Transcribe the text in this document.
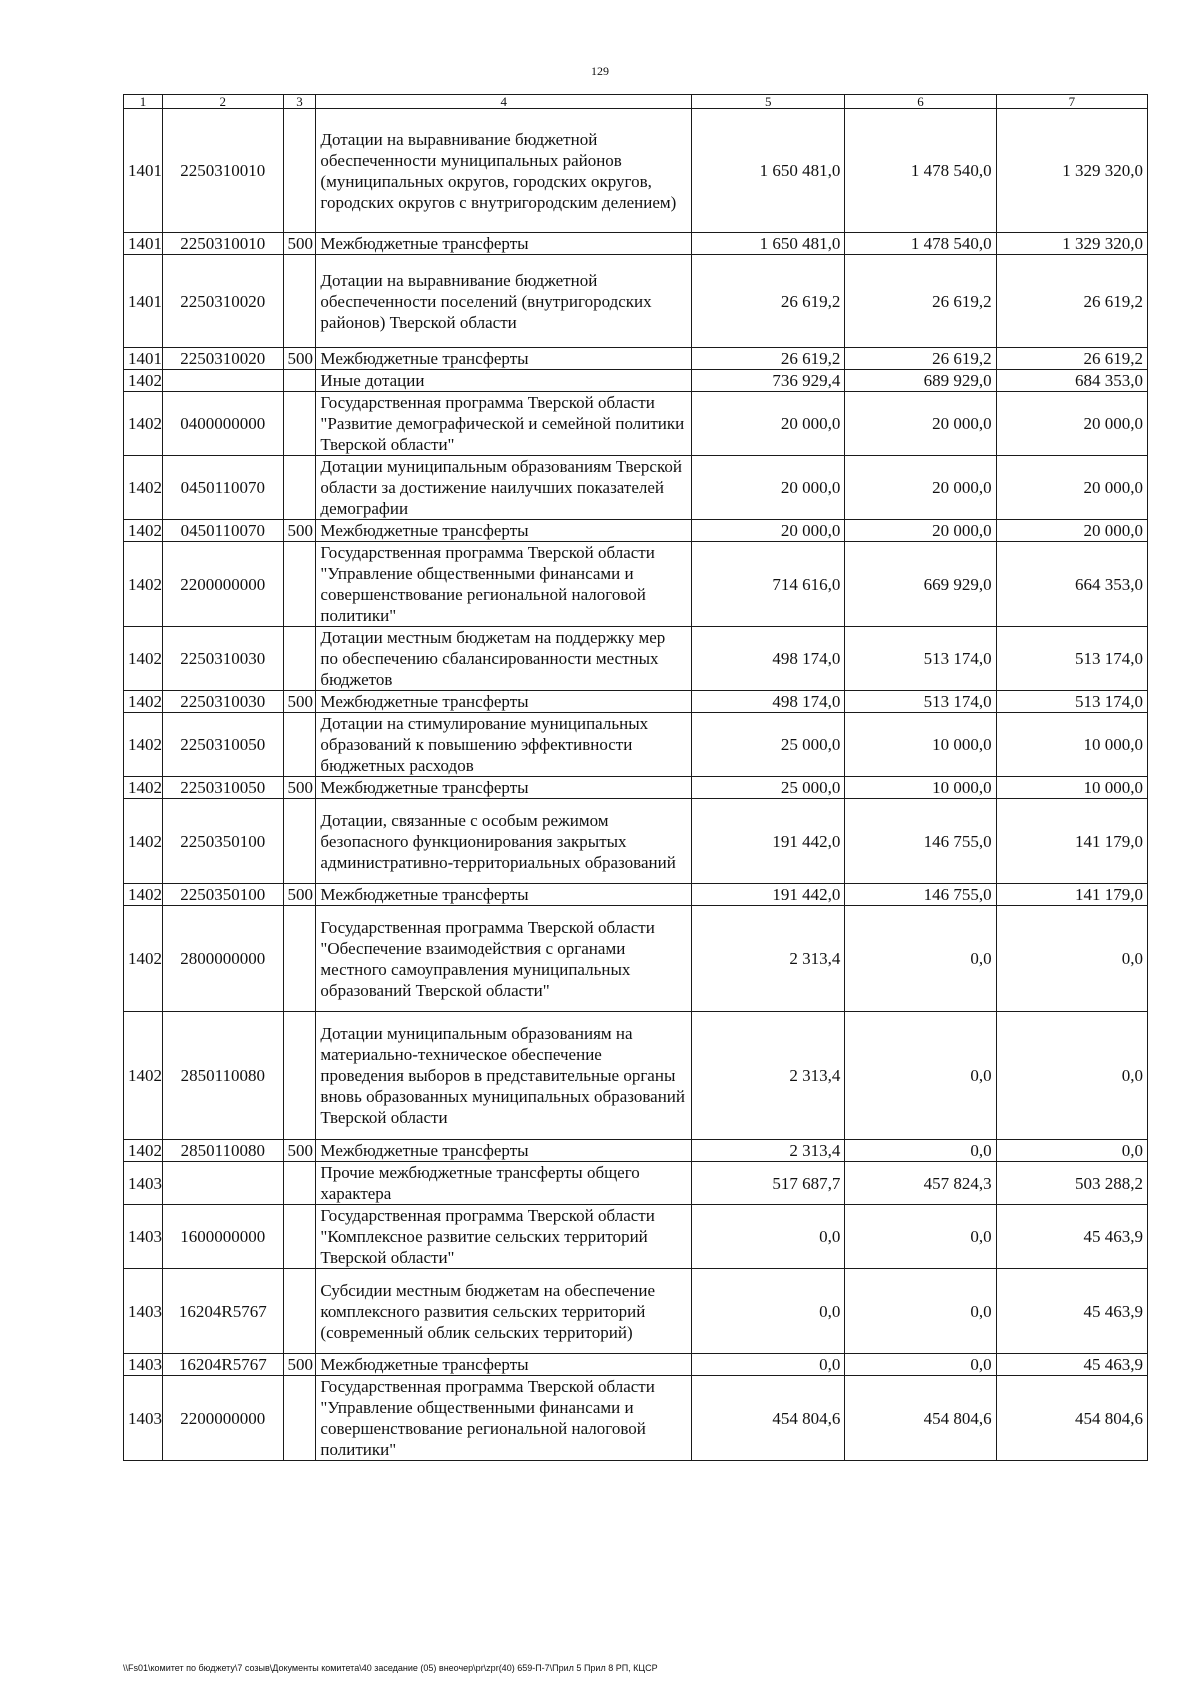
129
1	2	3	4	5	6	7
1401	2250310010		Дотации на выравнивание бюджетной обеспеченности муниципальных районов (муниципальных округов, городских округов, городских округов с внутригородским делением)	1 650 481,0	1 478 540,0	1 329 320,0
1401	2250310010	500	Межбюджетные трансферты	1 650 481,0	1 478 540,0	1 329 320,0
1401	2250310020		Дотации на выравнивание бюджетной обеспеченности поселений (внутригородских районов) Тверской области	26 619,2	26 619,2	26 619,2
1401	2250310020	500	Межбюджетные трансферты	26 619,2	26 619,2	26 619,2
1402			Иные дотации	736 929,4	689 929,0	684 353,0
1402	0400000000		Государственная программа Тверской области "Развитие демографической и семейной политики Тверской области"	20 000,0	20 000,0	20 000,0
1402	0450110070		Дотации муниципальным образованиям Тверской области за достижение наилучших показателей демографии	20 000,0	20 000,0	20 000,0
1402	0450110070	500	Межбюджетные трансферты	20 000,0	20 000,0	20 000,0
1402	2200000000		Государственная программа Тверской области "Управление общественными финансами и совершенствование региональной налоговой политики"	714 616,0	669 929,0	664 353,0
1402	2250310030		Дотации местным бюджетам на поддержку мер по обеспечению сбалансированности местных бюджетов	498 174,0	513 174,0	513 174,0
1402	2250310030	500	Межбюджетные трансферты	498 174,0	513 174,0	513 174,0
1402	2250310050		Дотации на стимулирование муниципальных образований к повышению эффективности бюджетных расходов	25 000,0	10 000,0	10 000,0
1402	2250310050	500	Межбюджетные трансферты	25 000,0	10 000,0	10 000,0
1402	2250350100		Дотации, связанные с особым режимом безопасного функционирования закрытых административно-территориальных образований	191 442,0	146 755,0	141 179,0
1402	2250350100	500	Межбюджетные трансферты	191 442,0	146 755,0	141 179,0
1402	2800000000		Государственная программа Тверской области "Обеспечение взаимодействия с органами местного самоуправления муниципальных образований Тверской области"	2 313,4	0,0	0,0
1402	2850110080		Дотации муниципальным образованиям на материально-техническое обеспечение проведения выборов в представительные органы вновь образованных муниципальных образований Тверской области	2 313,4	0,0	0,0
1402	2850110080	500	Межбюджетные трансферты	2 313,4	0,0	0,0
1403			Прочие межбюджетные трансферты общего характера	517 687,7	457 824,3	503 288,2
1403	1600000000		Государственная программа Тверской области "Комплексное развитие сельских территорий Тверской области"	0,0	0,0	45 463,9
1403	16204R5767		Субсидии местным бюджетам на обеспечение комплексного развития сельских территорий (современный облик сельских территорий)	0,0	0,0	45 463,9
1403	16204R5767	500	Межбюджетные трансферты	0,0	0,0	45 463,9
1403	2200000000		Государственная программа Тверской области "Управление общественными финансами и совершенствование региональной налоговой политики"	454 804,6	454 804,6	454 804,6
\\Fs01\комитет по бюджету\7 созыв\Документы комитета\40 заседание (05) внеочер\pr\zpr(40) 659-П-7\Прил 5 Прил 8 РП, КЦСР
